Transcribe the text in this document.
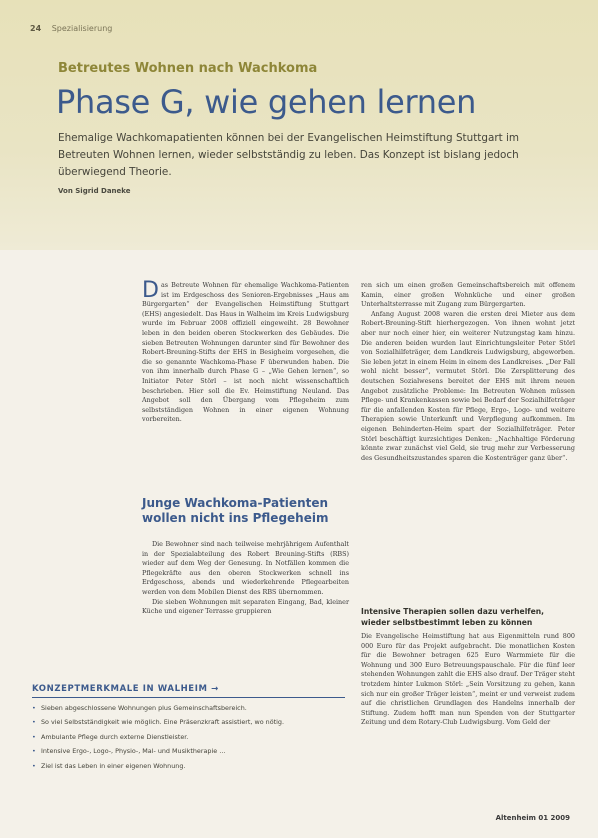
24 Spezialisierung
Betreutes Wohnen nach Wachkoma
Phase G, wie gehen lernen
Ehemalige Wachkomapatienten können bei der Evangelischen Heimstiftung Stuttgart im Betreuten Wohnen lernen, wieder selbstständig zu leben. Das Konzept ist bislang jedoch überwiegend Theorie.
Von Sigrid Daneke

D as Betreute Wohnen für ehemalige Wachkoma-Patienten ist im Erdgeschoss des Senioren-Ergebnisses „Haus am Bürgergarten“ der Evangelischen Heimstiftung Stuttgart (EHS) angesiedelt. Das Haus in Walheim im Kreis Ludwigsburg wurde im Februar 2008 offiziell eingeweiht. 28 Bewohner leben in den beiden oberen Stockwerken des Gebäudes. Die sieben Betreuten Wohnungen darunter sind für Bewohner des Robert-Breuning-Stifts der EHS in Besigheim vorgesehen, die die so genannte Wachkoma-Phase F überwunden haben. Die von ihm innerhalb durch Phase G – „Wie Gehen lernen“, so Initiator Peter Störl – ist noch nicht wissenschaftlich beschrieben. Hier soll die Ev. Heimstiftung Neuland. Das Angebot soll den Übergang vom Pflegeheim zum selbstständigen Wohnen in einer eigenen Wohnung vorbereiten.

Junge Wachkoma-Patienten wollen nicht ins Pflegeheim

Die Bewohner sind nach teilweise mehrjährigem Aufenthalt in der Spezialabteilung des Robert Breuning-Stifts (RBS) wieder auf dem Weg der Genesung. In Notfällen kommen die Pflegekräfte aus den oberen Stockwerken schnell ins Erdgeschoss, abends und wiederkehrende Pflegearbeiten werden von dem Mobilen Dienst des RBS übernommen.

Die sieben Wohnungen mit separaten Eingang, Bad, kleiner Küche und eigener Terrasse gruppieren

ren sich um einen großen Gemeinschaftsbereich mit offenem Kamin, einer großen Wohnküche und einer großen Unterhaltsterrasse mit Zugang zum Bürgergarten.

Anfang August 2008 waren die ersten drei Mieter aus dem Robert-Breuning-Stift hierhergezogen. Von ihnen wohnt jetzt aber nur noch einer hier, ein weiterer Nutzungstag kam hinzu. Die anderen beiden wurden laut Einrichtungsleiter Peter Störl von Sozialhilfeträger, dem Landkreis Ludwigsburg, abgeworben. Sie leben jetzt in einem Heim in einem des Landkreises. „Der Fall wohl nicht besser“, vermutet Störl. Die Zersplitterung des deutschen Sozialwesens bereitet der EHS mit ihrem neuen Angebot zusätzliche Probleme: Im Betreuten Wohnen müssen Pflege- und Krankenkassen sowie bei Bedarf der Sozialhilfeträger für die anfallenden Kosten für Pflege, Ergo-, Logo- und weitere Therapien sowie Unterkunft und Verpflegung aufkommen. Im eigenen Behinderten-Heim spart der Sozialhilfeträger. Peter Störl beschäftigt kurzsichtiges Denken: „Nachhaltige Förderung könnte zwar zunächst viel Geld, sie trug mehr zur Verbesserung des Gesundheitszustandes sparen die Kostenträger ganz über“.

Intensive Therapien sollen dazu verhelfen, wieder selbstbestimmt leben zu können

Die Evangelische Heimstiftung hat aus Eigenmitteln rund 800 000 Euro für das Projekt aufgebracht. Die monatlichen Kosten für die Bewohner betragen 625 Euro Warmmiete für die Wohnung und 300 Euro Betreuungspauschale. Für die fünf leer stehenden Wohnungen zahlt die EHS also drauf. Der Träger steht trotzdem hinter Lukmon Störl: „Sein Vorsitzung zu gehen, kann sich nur ein großer Träger leisten“, meint er und verweist zudem auf die christlichen Grundlagen des Handelns innerhalb der Stiftung. Zudem hofft man nun Spenden von der Stuttgarter Zeitung und dem Rotary-Club Ludwigsburg. Vom Geld der

KONZEPTMERKMALE IN WALHEIM →
• Sieben abgeschlossene Wohnungen plus Gemeinschaftsbereich.
• So viel Selbstständigkeit wie möglich. Eine Präsenzkraft assistiert, wo nötig.
• Ambulante Pflege durch externe Dienstleister.
• Intensive Ergo-, Logo-, Physio-, Mal- und Musiktherapie …
• Ziel ist das Leben in einer eigenen Wohnung.
Altenheim 01 2009
